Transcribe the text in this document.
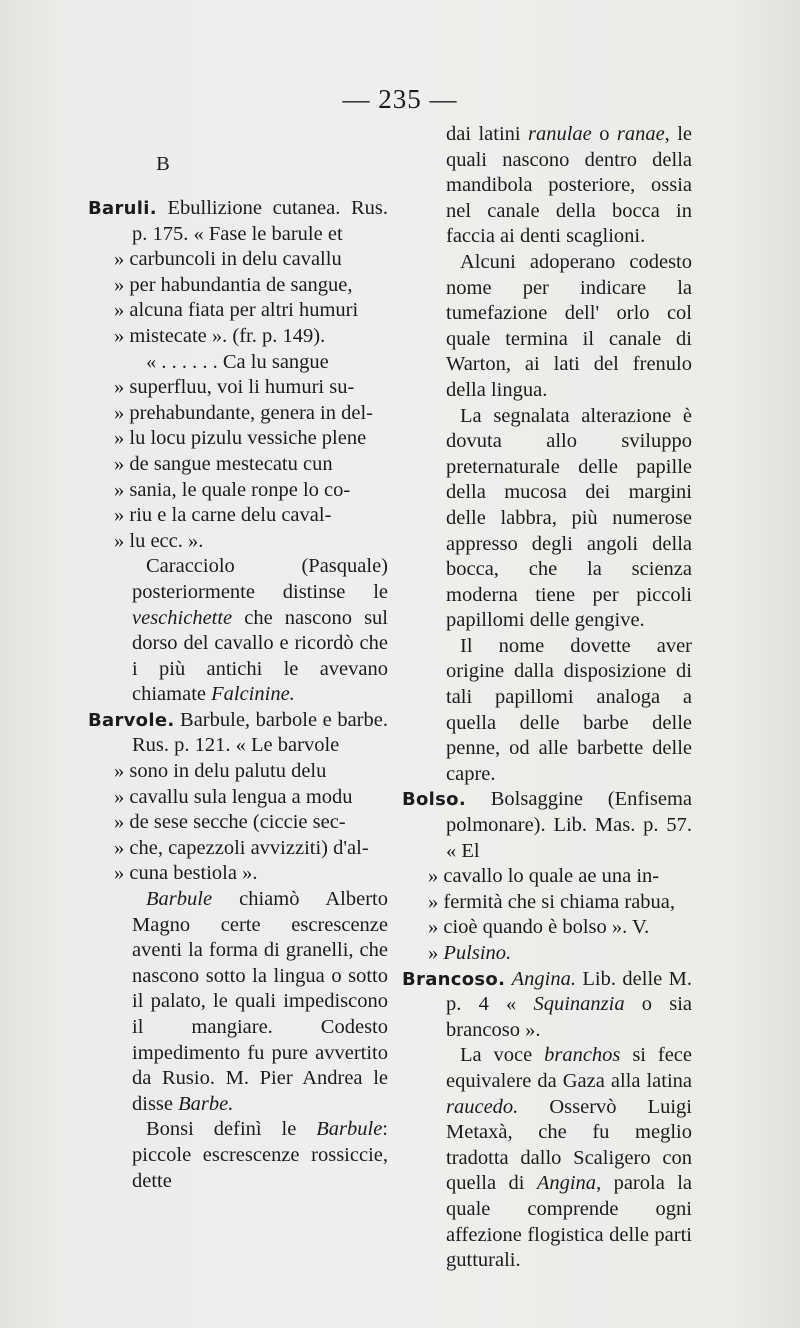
— 235 —
B

Baruli. Ebullizione cutanea. Rus. p. 175. « Fase le barule et

» carbuncoli in delu cavallu

» per habundantia de sangue,

» alcuna fiata per altri humuri

» mistecate ». (fr. p. 149).

« . . . . . . Ca lu sangue

» superfluu, voi li humuri su-

» prehabundante, genera in del-

» lu locu pizulu vessiche plene

» de sangue mestecatu cun

» sania, le quale ronpe lo co-

» riu e la carne delu caval-

» lu ecc. ».

Caracciolo (Pasquale) posteriormente distinse le veschichette che nascono sul dorso del cavallo e ricordò che i più antichi le avevano chiamate Falcinine.

Barvole. Barbule, barbole e barbe. Rus. p. 121. « Le barvole

» sono in delu palutu delu

» cavallu sula lengua a modu

» de sese secche (ciccie sec-

» che, capezzoli avvizziti) d'al-

» cuna bestiola ».

Barbule chiamò Alberto Magno certe escrescenze aventi la forma di granelli, che nascono sotto la lingua o sotto il palato, le quali impediscono il mangiare. Codesto impedimento fu pure avvertito da Rusio. M. Pier Andrea le disse Barbe.

Bonsi definì le Barbule: piccole escrescenze rossiccie, dette

dai latini ranulae o ranae, le quali nascono dentro della mandibola posteriore, ossia nel canale della bocca in faccia ai denti scaglioni.

Alcuni adoperano codesto nome per indicare la tumefazione dell' orlo col quale termina il canale di Warton, ai lati del frenulo della lingua.

La segnalata alterazione è dovuta allo sviluppo preternaturale delle papille della mucosa dei margini delle labbra, più numerose appresso degli angoli della bocca, che la scienza moderna tiene per piccoli papillomi delle gengive.

Il nome dovette aver origine dalla disposizione di tali papillomi analoga a quella delle barbe delle penne, od alle barbette delle capre.

Bolso. Bolsaggine (Enfisema polmonare). Lib. Mas. p. 57. « El

» cavallo lo quale ae una in-

» fermità che si chiama rabua,

» cioè quando è bolso ». V.

» Pulsino.

Brancoso. Angina. Lib. delle M. p. 4 « Squinanzia o sia brancoso ».

La voce branchos si fece equivalere da Gaza alla latina raucedo. Osservò Luigi Metaxà, che fu meglio tradotta dallo Scaligero con quella di Angina, parola la quale comprende ogni affezione flogistica delle parti gutturali.
